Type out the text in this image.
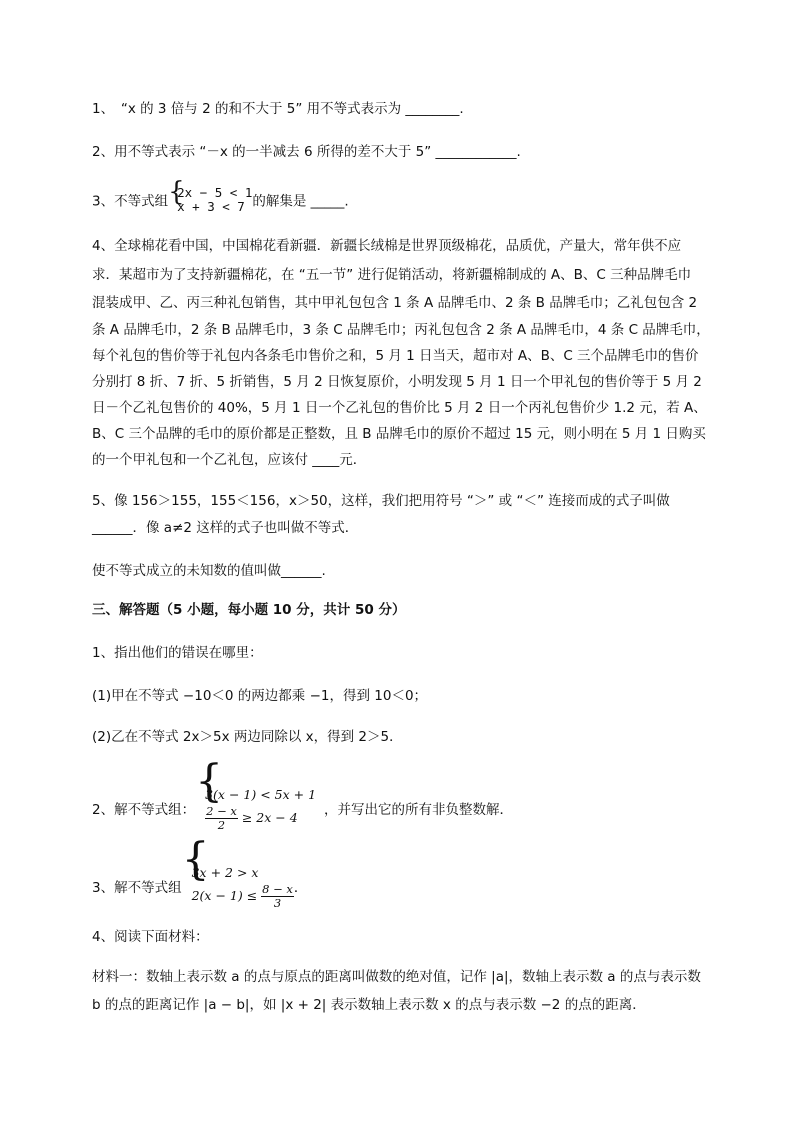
1、　“x 的 3 倍与 2 的和不大于 5” 用不等式表示为 ________.
2、用不等式表示 “－x 的一半减去 6 所得的差不大于 5” ____________.
3、不等式组 {
2x − 5 < 1
x + 3 < 7 的解集是 _____.
4、全球棉花看中国，中国棉花看新疆．新疆长绒棉是世界顶级棉花，品质优，产量大，常年供不应
求．某超市为了支持新疆棉花，在 “五一节” 进行促销活动，将新疆棉制成的 A、B、C 三种品牌毛巾
混装成甲、乙、丙三种礼包销售，其中甲礼包包含 1 条 A 品牌毛巾、2 条 B 品牌毛巾；乙礼包包含 2
条 A 品牌毛巾，2 条 B 品牌毛巾，3 条 C 品牌毛巾；丙礼包包含 2 条 A 品牌毛巾，4 条 C 品牌毛巾，
每个礼包的售价等于礼包内各条毛巾售价之和，5 月 1 日当天，超市对 A、B、C 三个品牌毛巾的售价
分别打 8 折、7 折、5 折销售，5 月 2 日恢复原价，小明发现 5 月 1 日一个甲礼包的售价等于 5 月 2
日－个乙礼包售价的 40%，5 月 1 日一个乙礼包的售价比 5 月 2 日一个丙礼包售价少 1.2 元，若 A、
B、C 三个品牌的毛巾的原价都是正整数，且 B 品牌毛巾的原价不超过 15 元，则小明在 5 月 1 日购买
的一个甲礼包和一个乙礼包，应该付 ____元．
5、像 156＞155，155＜156，x＞50，这样，我们把用符号 “＞” 或 “＜” 连接而成的式子叫做
______．像 a≠2 这样的式子也叫做不等式．
使不等式成立的未知数的值叫做______.
三、解答题（5 小题，每小题 10 分，共计 50 分）
1、指出他们的错误在哪里：
(1)甲在不等式 −10＜0 的两边都乘 −1，得到 10＜0；
(2)乙在不等式 2x＞5x 两边同除以 x，得到 2＞5．
2、解不等式组：
{
3(x − 1) < 5x + 1
$\frac{2 - x}{2} \ge 2x - 4$	，并写出它的所有非负整数解．
3、解不等式组
{
3x + 2 > x
$2(x - 1) \le \frac{8 - x}{3}$ ．
4、阅读下面材料：
材料一：数轴上表示数 a 的点与原点的距离叫做数的绝对值，记作 |a|，数轴上表示数 a 的点与表示数
b 的点的距离记作 |a − b|，如 |x + 2| 表示数轴上表示数 x 的点与表示数 −2 的点的距离．
